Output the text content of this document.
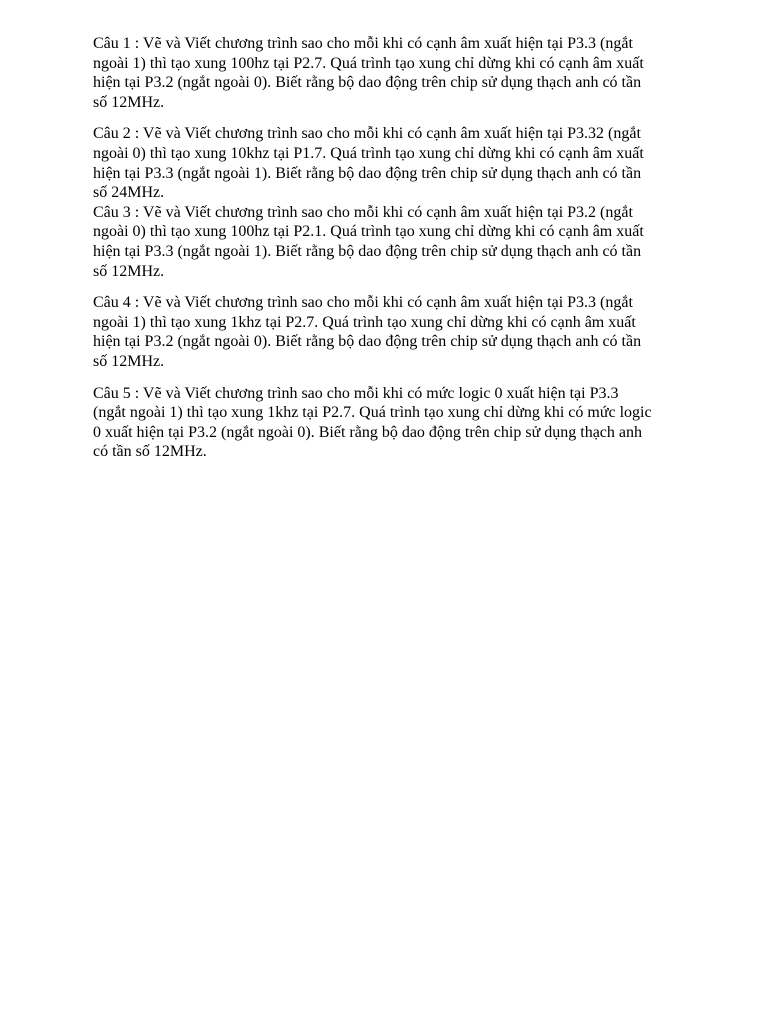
Câu 1 : Vẽ và Viết chương trình sao cho mỗi khi có cạnh âm xuất hiện tại P3.3 (ngắt
ngoài 1) thì tạo xung 100hz tại P2.7. Quá trình tạo xung chỉ dừng khi có cạnh âm xuất
hiện tại P3.2 (ngắt ngoài 0). Biết rằng bộ dao động trên chip sử dụng thạch anh có tần
số 12MHz.

Câu 2 : Vẽ và Viết chương trình sao cho mỗi khi có cạnh âm xuất hiện tại P3.32 (ngắt
ngoài 0) thì tạo xung 10khz tại P1.7. Quá trình tạo xung chỉ dừng khi có cạnh âm xuất
hiện tại P3.3 (ngắt ngoài 1). Biết rằng bộ dao động trên chip sử dụng thạch anh có tần
số 24MHz.

Câu 3 : Vẽ và Viết chương trình sao cho mỗi khi có cạnh âm xuất hiện tại P3.2 (ngắt
ngoài 0) thì tạo xung 100hz tại P2.1. Quá trình tạo xung chỉ dừng khi có cạnh âm xuất
hiện tại P3.3 (ngắt ngoài 1). Biết rằng bộ dao động trên chip sử dụng thạch anh có tần
số 12MHz.

Câu 4 : Vẽ và Viết chương trình sao cho mỗi khi có cạnh âm xuất hiện tại P3.3 (ngắt
ngoài 1) thì tạo xung 1khz tại P2.7. Quá trình tạo xung chỉ dừng khi có cạnh âm xuất
hiện tại P3.2 (ngắt ngoài 0). Biết rằng bộ dao động trên chip sử dụng thạch anh có tần
số 12MHz.

Câu 5 : Vẽ và Viết chương trình sao cho mỗi khi có mức logic 0 xuất hiện tại P3.3
(ngắt ngoài 1) thì tạo xung 1khz tại P2.7. Quá trình tạo xung chỉ dừng khi có mức logic
0 xuất hiện tại P3.2 (ngắt ngoài 0). Biết rằng bộ dao động trên chip sử dụng thạch anh
có tần số 12MHz.
